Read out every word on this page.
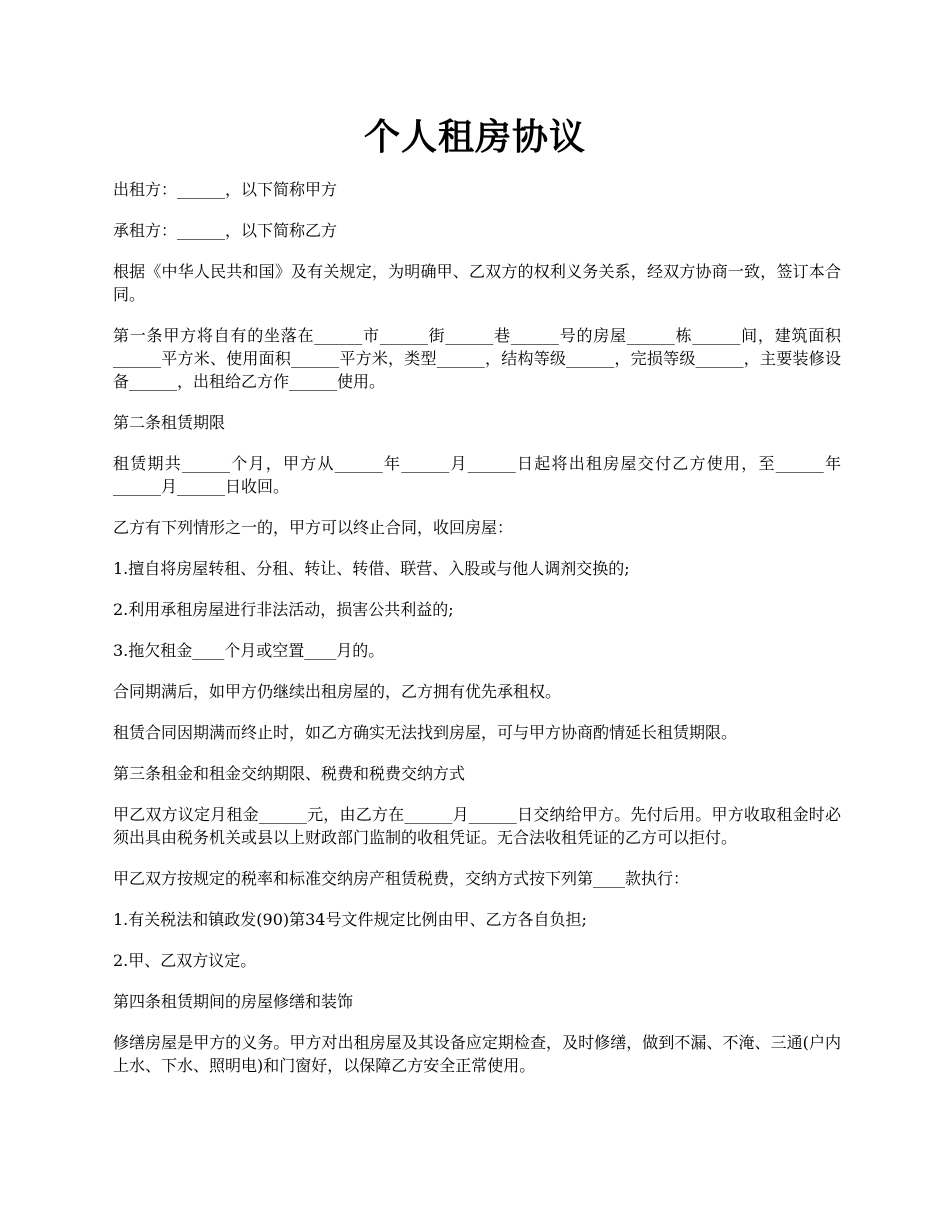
个人租房协议

出租方：______，以下简称甲方

承租方：______，以下简称乙方

根据《中华人民共和国》及有关规定，为明确甲、乙双方的权利义务关系，经双方协商一致，签订本合同。

第一条甲方将自有的坐落在______市______街______巷______号的房屋______栋______间，建筑面积______平方米、使用面积______平方米，类型______，结构等级______，完损等级______，主要装修设备______，出租给乙方作______使用。

第二条租赁期限

租赁期共______个月，甲方从______年______月______日起将出租房屋交付乙方使用，至______年______月______日收回。

乙方有下列情形之一的，甲方可以终止合同，收回房屋：

1.擅自将房屋转租、分租、转让、转借、联营、入股或与他人调剂交换的;

2.利用承租房屋进行非法活动，损害公共利益的;

3.拖欠租金____个月或空置____月的。

合同期满后，如甲方仍继续出租房屋的，乙方拥有优先承租权。

租赁合同因期满而终止时，如乙方确实无法找到房屋，可与甲方协商酌情延长租赁期限。

第三条租金和租金交纳期限、税费和税费交纳方式

甲乙双方议定月租金______元，由乙方在______月______日交纳给甲方。先付后用。甲方收取租金时必须出具由税务机关或县以上财政部门监制的收租凭证。无合法收租凭证的乙方可以拒付。

甲乙双方按规定的税率和标准交纳房产租赁税费，交纳方式按下列第____款执行：

1.有关税法和镇政发(90)第34号文件规定比例由甲、乙方各自负担;

2.甲、乙双方议定。

第四条租赁期间的房屋修缮和装饰

修缮房屋是甲方的义务。甲方对出租房屋及其设备应定期检查，及时修缮，做到不漏、不淹、三通(户内上水、下水、照明电)和门窗好，以保障乙方安全正常使用。
